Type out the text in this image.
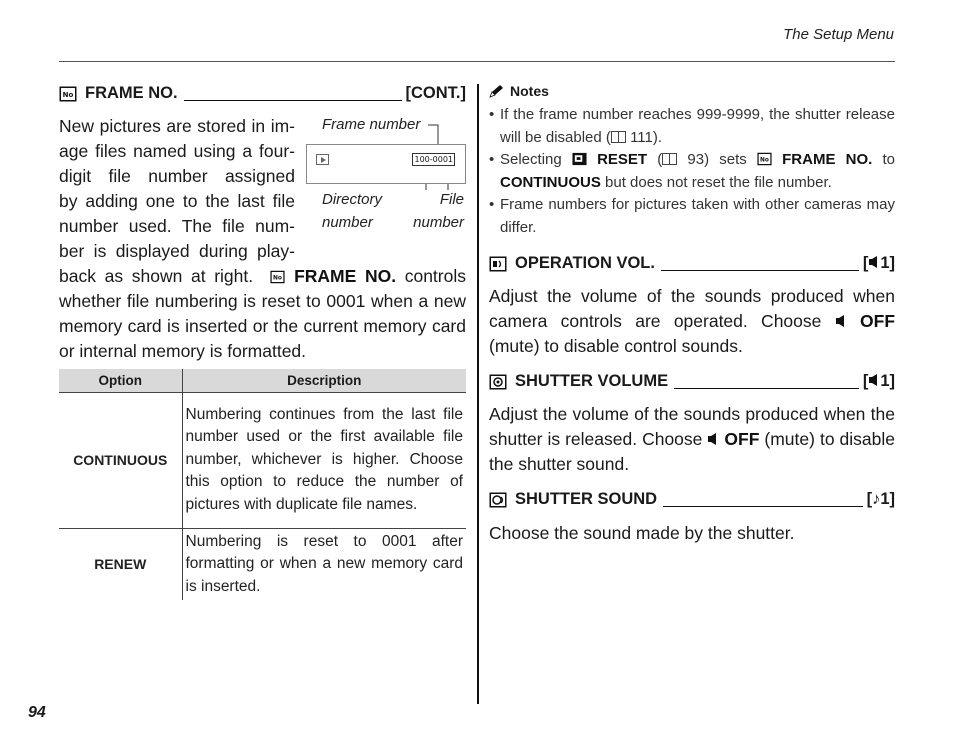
The Setup Menu
No FRAME NO.	[CONT.]
New pictures are stored in im-
age files named using a four-
digit file number assigned
by adding one to the last file
number used. The file num-
ber is displayed during play-
Frame number
100-0001
Directory
number
File
number
back as shown at right.	No FRAME NO. controls whether file numbering is reset to 0001 when a new memory card is inserted or the current memory card or internal memory is formatted.
Option	Description
CONTINUOUS	Numbering continues from the last file number used or the first available file number, whichever is higher. Choose this option to reduce the number of pictures with duplicate file names.
RENEW	Numbering is reset to 0001 after formatting or when a new memory card is inserted.
Notes
• If the frame number reaches 999-9999, the shutter release will be disabled ( 111).
• Selecting RESET ( 93) sets No FRAME NO. to CONTINUOUS but does not reset the file number.
• Frame numbers for pictures taken with other cameras may differ.
OPERATION VOL.	[ 1]
Adjust the volume of the sounds produced when camera controls are operated. Choose OFF (mute) to disable control sounds.
SHUTTER VOLUME	[ 1]
Adjust the volume of the sounds produced when the shutter is released. Choose OFF (mute) to disable the shutter sound.
SHUTTER SOUND	[♪1]
Choose the sound made by the shutter.
94
